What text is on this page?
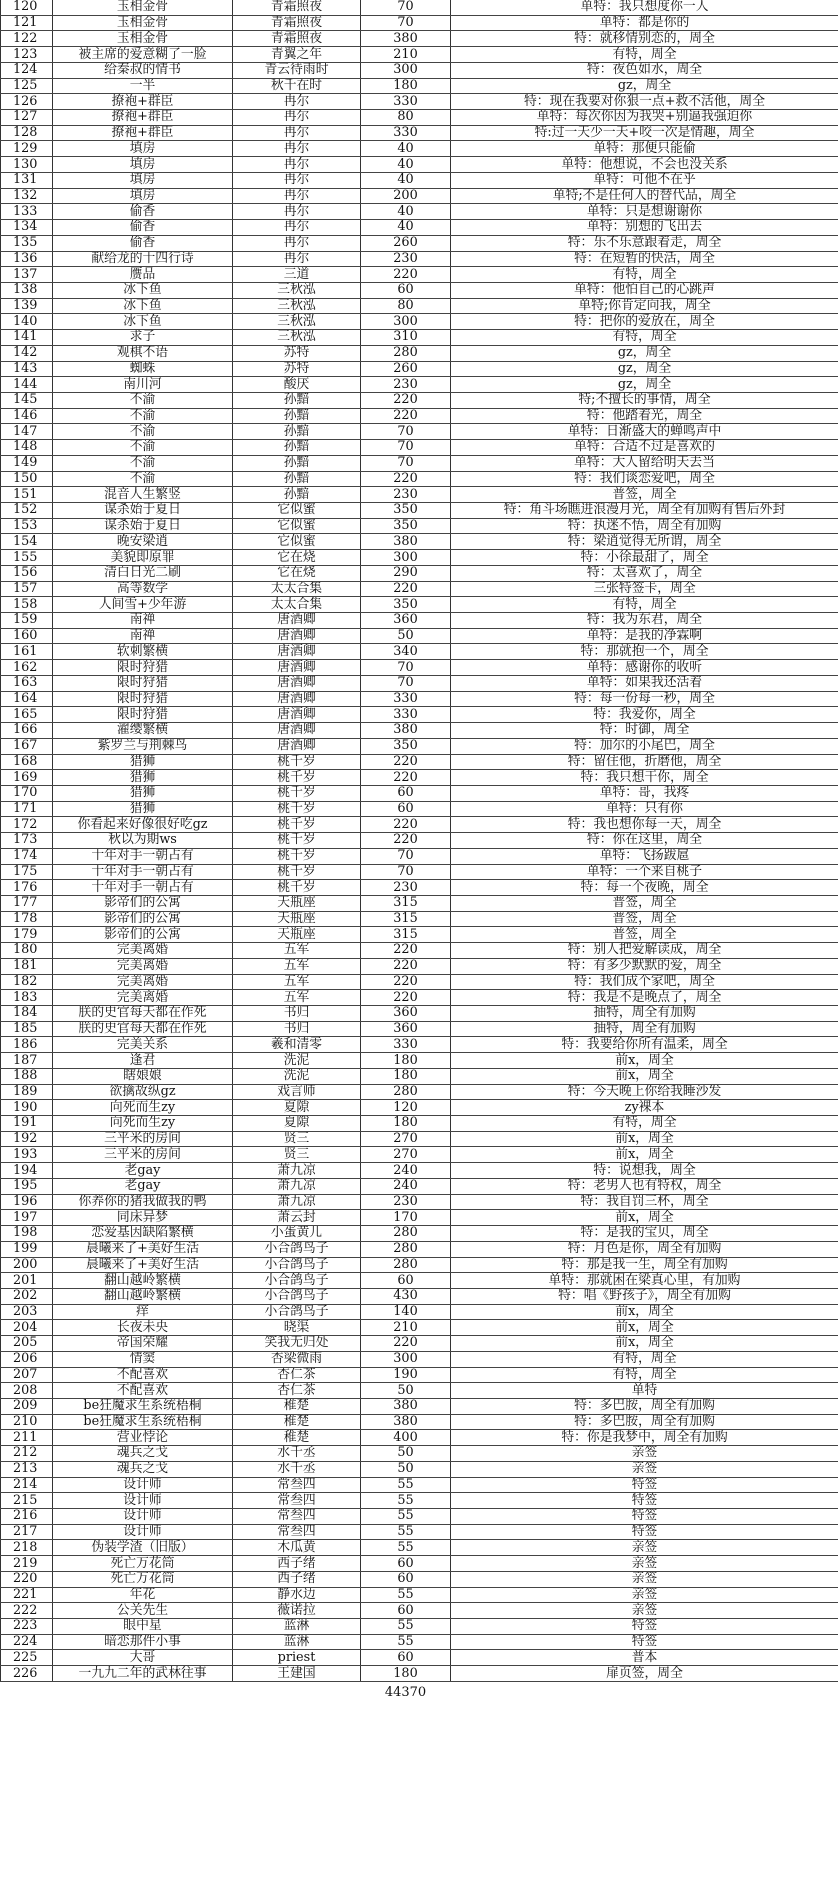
120	玉相金骨	青霜照夜	70	单特：我只想度你一人
121	玉相金骨	青霜照夜	70	单特：都是你的
122	玉相金骨	青霜照夜	380	特：就移情别恋的，周全
123	被主席的爱意糊了一脸	青翼之年	210	有特，周全
124	给秦叔的情书	青云待雨时	300	特：夜色如水，周全
125	一半	秋千在时	180	gz，周全
126	撩袍+群臣	冉尔	330	特：现在我要对你狠一点+救不活他，周全
127	撩袍+群臣	冉尔	80	单特：每次你因为我哭+别逼我强迫你
128	撩袍+群臣	冉尔	330	特:过一天少一天+咬一次是情趣，周全
129	填房	冉尔	40	单特：那便只能偷
130	填房	冉尔	40	单特：他想说，不会也没关系
131	填房	冉尔	40	单特：可他不在乎
132	填房	冉尔	200	单特;不是任何人的替代品，周全
133	偷香	冉尔	40	单特：只是想谢谢你
134	偷香	冉尔	40	单特：别想的飞出去
135	偷香	冉尔	260	特：乐不乐意跟着走，周全
136	献给龙的十四行诗	冉尔	230	特：在短暂的快活，周全
137	赝品	三道	220	有特，周全
138	冰下鱼	三秋泓	60	单特：他怕自己的心跳声
139	冰下鱼	三秋泓	80	单特;你肯定向我，周全
140	冰下鱼	三秋泓	300	特：把你的爱放在，周全
141	求子	三秋泓	310	有特，周全
142	观棋不语	苏特	280	gz，周全
143	蜘蛛	苏特	260	gz，周全
144	南川河	酸厌	230	gz，周全
145	不渝	孙黯	220	特;不擅长的事情，周全
146	不渝	孙黯	220	特：他踏着光，周全
147	不渝	孙黯	70	单特：日渐盛大的蝉鸣声中
148	不渝	孙黯	70	单特：合适不过是喜欢的
149	不渝	孙黯	70	单特：大人留给明天去当
150	不渝	孙黯	220	特：我们谈恋爱吧，周全
151	混音人生繁竖	孙黯	230	普签，周全
152	谋杀始于夏日	它似蜜	350	特：角斗场瞧进浪漫月光，周全有加购有售后外封
153	谋杀始于夏日	它似蜜	350	特：执迷不悟，周全有加购
154	晚安梁逍	它似蜜	380	特：梁逍觉得无所谓，周全
155	美貌即原罪	它在烧	300	特：小徐最甜了，周全
156	清白日光二刷	它在烧	290	特：太喜欢了，周全
157	高等数学	太太合集	220	三张特签卡，周全
158	人间雪+少年游	太太合集	350	有特，周全
159	南禅	唐酒卿	360	特：我为东君，周全
160	南禅	唐酒卿	50	单特：是我的净霖啊
161	软刺繁横	唐酒卿	340	特：那就抱一个，周全
162	限时狩猎	唐酒卿	70	单特：感谢你的收听
163	限时狩猎	唐酒卿	70	单特：如果我还活着
164	限时狩猎	唐酒卿	330	特：每一份每一秒，周全
165	限时狩猎	唐酒卿	330	特：我爱你，周全
166	濯缨繁横	唐酒卿	380	特：时御，周全
167	紫罗兰与荆棘鸟	唐酒卿	350	特：加尔的小尾巴，周全
168	猎狮	桃千岁	220	特：留住他，折磨他，周全
169	猎狮	桃千岁	220	特：我只想干你，周全
170	猎狮	桃千岁	60	单特：哥，我疼
171	猎狮	桃千岁	60	单特：只有你
172	你看起来好像很好吃gz	桃千岁	220	特：我也想你每一天，周全
173	秋以为期ws	桃千岁	220	特：你在这里，周全
174	十年对手一朝占有	桃千岁	70	单特：飞扬跋扈
175	十年对手一朝占有	桃千岁	70	单特：一个来自桃子
176	十年对手一朝占有	桃千岁	230	特：每一个夜晚，周全
177	影帝们的公寓	天瓶座	315	普签，周全
178	影帝们的公寓	天瓶座	315	普签，周全
179	影帝们的公寓	天瓶座	315	普签，周全
180	完美离婚	五军	220	特：别人把爱解读成，周全
181	完美离婚	五军	220	特：有多少默默的爱，周全
182	完美离婚	五军	220	特：我们成个家吧，周全
183	完美离婚	五军	220	特：我是不是晚点了，周全
184	朕的史官每天都在作死	书归	360	抽特，周全有加购
185	朕的史官每天都在作死	书归	360	抽特，周全有加购
186	完美关系	羲和清零	330	特：我要给你所有温柔，周全
187	逢君	洗泥	180	前x，周全
188	瞎娘娘	洗泥	180	前x，周全
189	欲擒故纵gz	戏言师	280	特：今天晚上你给我睡沙发
190	向死而生zy	夏隙	120	zy裸本
191	向死而生zy	夏隙	180	有特，周全
192	三平米的房间	贤三	270	前x，周全
193	三平米的房间	贤三	270	前x，周全
194	老gay	萧九凉	240	特：说想我，周全
195	老gay	萧九凉	240	特：老男人也有特权，周全
196	你养你的猪我做我的鸭	萧九凉	230	特：我自罚三杯，周全
197	同床异梦	萧云封	170	前x，周全
198	恋爱基因缺陷繁横	小蛋黄儿	280	特：是我的宝贝，周全
199	晨曦来了+美好生活	小合鸽鸟子	280	特：月色是你，周全有加购
200	晨曦来了+美好生活	小合鸽鸟子	280	特：那是我一生，周全有加购
201	翻山越岭繁横	小合鸽鸟子	60	单特：那就困在梁真心里，有加购
202	翻山越岭繁横	小合鸽鸟子	430	特：唱《野孩子》，周全有加购
203	痒	小合鸽鸟子	140	前x，周全
204	长夜未央	晓渠	210	前x，周全
205	帝国荣耀	笑我无归处	220	前x，周全
206	情窦	杏梁微雨	300	有特，周全
207	不配喜欢	杏仁茶	190	有特，周全
208	不配喜欢	杏仁茶	50	单特
209	be狂魔求生系统梧桐	稚楚	380	特：多巴胺，周全有加购
210	be狂魔求生系统梧桐	稚楚	380	特：多巴胺，周全有加购
211	营业悖论	稚楚	400	特：你是我梦中，周全有加购
212	魂兵之戈	水千丞	50	亲签
213	魂兵之戈	水千丞	50	亲签
214	设计师	常叁四	55	特签
215	设计师	常叁四	55	特签
216	设计师	常叁四	55	特签
217	设计师	常叁四	55	特签
218	伪装学渣（旧版）	木瓜黄	55	亲签
219	死亡万花筒	西子绪	60	亲签
220	死亡万花筒	西子绪	60	亲签
221	年花	静水边	55	亲签
222	公关先生	薇诺拉	60	亲签
223	眼中星	蓝淋	55	特签
224	暗恋那件小事	蓝淋	55	特签
225	大哥	priest	60	普本
226	一九九二年的武林往事	王建国	180	扉页签，周全
			44370	
